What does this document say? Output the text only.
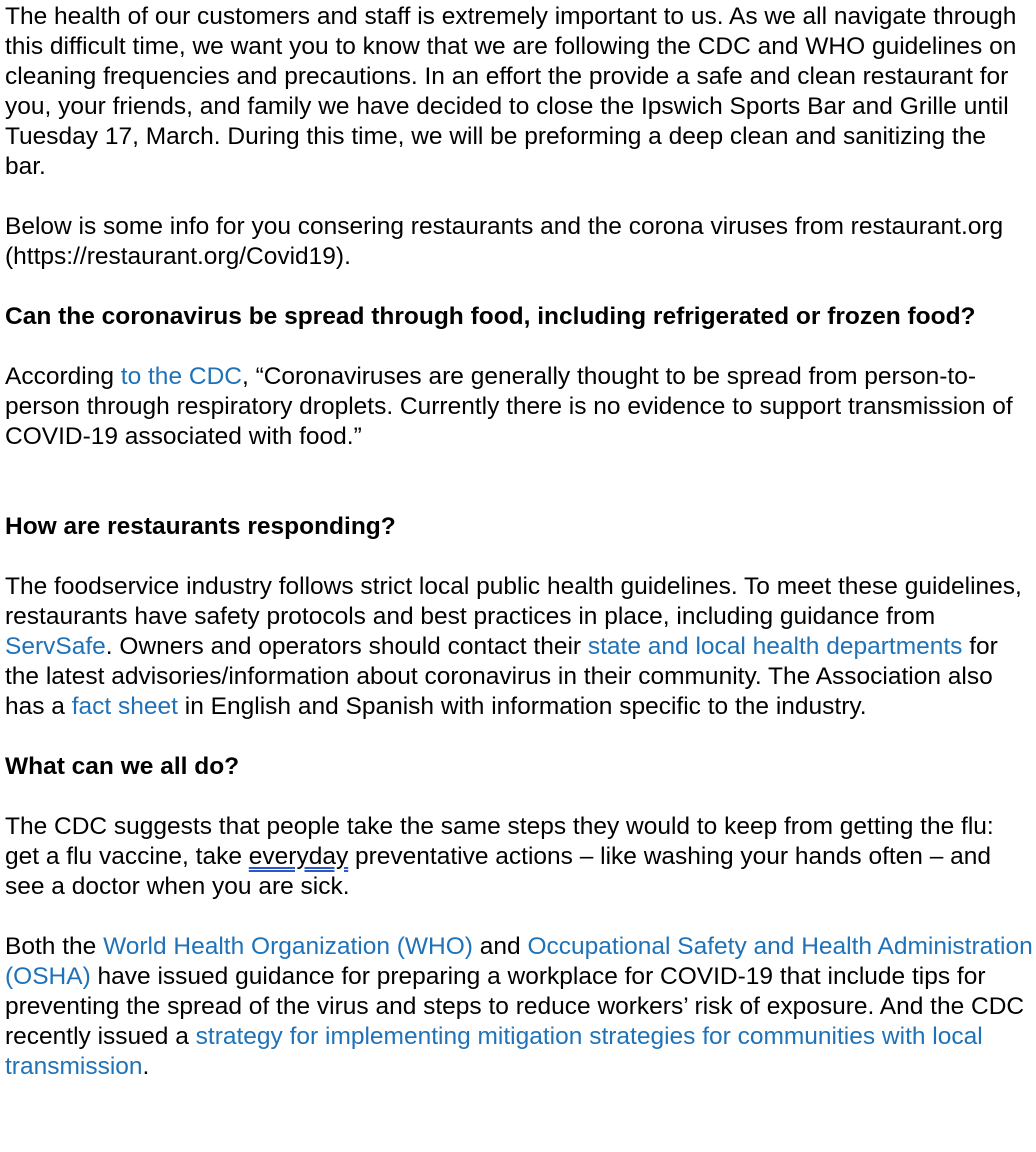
The health of our customers and staff is extremely important to us. As we all navigate through this difficult time, we want you to know that we are following the CDC and WHO guidelines on cleaning frequencies and precautions. In an effort the provide a safe and clean restaurant for you, your friends, and family we have decided to close the Ipswich Sports Bar and Grille until Tuesday 17, March. During this time, we will be preforming a deep clean and sanitizing the bar.

Below is some info for you consering restaurants and the corona viruses from restaurant.org (https://restaurant.org/Covid19).

Can the coronavirus be spread through food, including refrigerated or frozen food?

According to the CDC, “Coronaviruses are generally thought to be spread from person-to-person through respiratory droplets. Currently there is no evidence to support transmission of COVID-19 associated with food.”

How are restaurants responding?

The foodservice industry follows strict local public health guidelines. To meet these guidelines, restaurants have safety protocols and best practices in place, including guidance from ServSafe. Owners and operators should contact their state and local health departments for the latest advisories/information about coronavirus in their community. The Association also has a fact sheet in English and Spanish with information specific to the industry.

What can we all do?

The CDC suggests that people take the same steps they would to keep from getting the flu: get a flu vaccine, take everyday preventative actions – like washing your hands often – and see a doctor when you are sick.

Both the World Health Organization (WHO) and Occupational Safety and Health Administration (OSHA) have issued guidance for preparing a workplace for COVID-19 that include tips for preventing the spread of the virus and steps to reduce workers’ risk of exposure. And the CDC recently issued a strategy for implementing mitigation strategies for communities with local transmission.
